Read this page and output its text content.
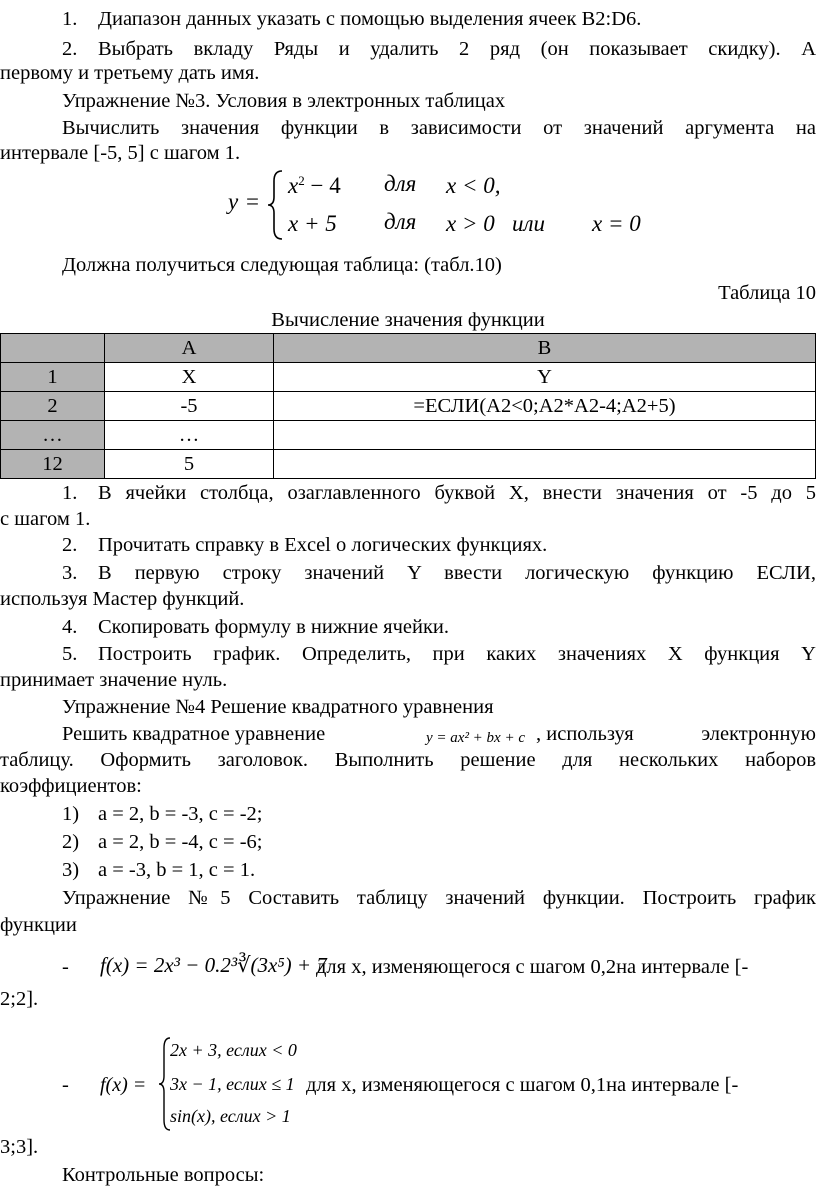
1. Диапазон данных указать с помощью выделения ячеек B2:D6.
2. Выбрать вкладу Ряды и удалить 2 ряд (он показывает скидку). А
первому и третьему дать имя.
Упражнение №3. Условия в электронных таблицах
Вычислить значения функции в зависимости от значений аргумента на
интервале [-5, 5] с шагом 1.
y =
$x^2 - 4$ для x < 0,
x + 5 для x > 0 или x = 0
Должна получиться следующая таблица: (табл.10)
Таблица 10
Вычисление значения функции
	A	B
1	X	Y
2	-5	=ЕСЛИ(A2<0;A2*A2-4;A2+5)
…	…	
12	5	
1. В ячейки столбца, озаглавленного буквой X, внести значения от -5 до 5
с шагом 1.
2. Прочитать справку в Excel о логических функциях.
3. В первую строку значений Y ввести логическую функцию ЕСЛИ,
используя Мастер функций.
4. Скопировать формулу в нижние ячейки.
5. Построить график. Определить, при каких значениях X функция Y
принимает значение нуль.
Упражнение №4 Решение квадратного уравнения
Решить квадратное уравнение	y = ax² + bx + c , используя	электронную
таблицу. Оформить заголовок. Выполнить решение для нескольких наборов
коэффициентов:
1) a = 2, b = -3, c = -2;
2) a = 2, b = -4, c = -6;
3) a = -3, b = 1, c = 1.
Упражнение №5 Составить таблицу значений функции. Построить график
функции
- f(x) = 2x³ − 0.2³∛(3x⁵) + 7
для x, изменяющегося с шагом 0,2на интервале [-
2;2].
- f(x) =
2x + 3, еслиx < 0
3x − 1, еслиx ≤ 1
sin(x), еслиx > 1
для x, изменяющегося с шагом 0,1на интервале [-
3;3].
Контрольные вопросы:
